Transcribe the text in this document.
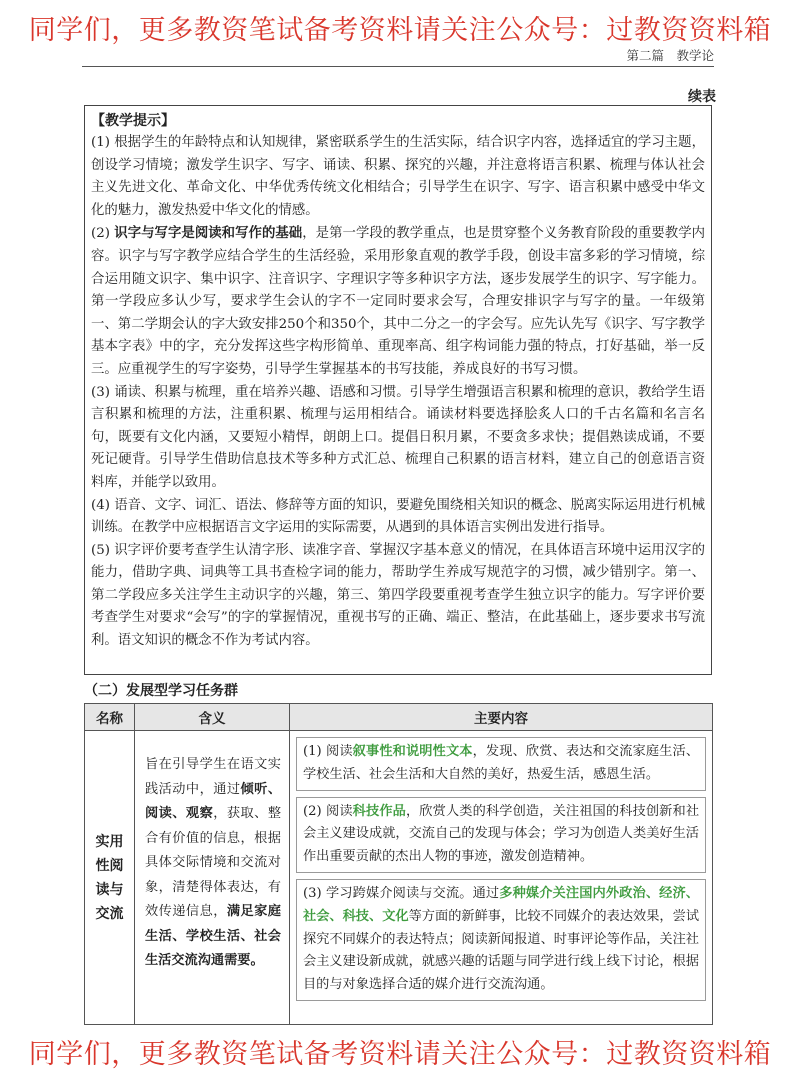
同学们，更多教资笔试备考资料请关注公众号：过教资资料箱
第二篇　教学论
续表
【教学提示】

(1) 根据学生的年龄特点和认知规律，紧密联系学生的生活实际，结合识字内容，选择适宜的学习主题，创设学习情境；激发学生识字、写字、诵读、积累、探究的兴趣，并注意将语言积累、梳理与体认社会主义先进文化、革命文化、中华优秀传统文化相结合；引导学生在识字、写字、语言积累中感受中华文化的魅力，激发热爱中华文化的情感。

(2) 识字与写字是阅读和写作的基础，是第一学段的教学重点，也是贯穿整个义务教育阶段的重要教学内容。识字与写字教学应结合学生的生活经验，采用形象直观的教学手段，创设丰富多彩的学习情境，综合运用随文识字、集中识字、注音识字、字理识字等多种识字方法，逐步发展学生的识字、写字能力。第一学段应多认少写，要求学生会认的字不一定同时要求会写，合理安排识字与写字的量。一年级第一、第二学期会认的字大致安排250个和350个，其中二分之一的字会写。应先认先写《识字、写字教学基本字表》中的字，充分发挥这些字构形简单、重现率高、组字构词能力强的特点，打好基础，举一反三。应重视学生的写字姿势，引导学生掌握基本的书写技能，养成良好的书写习惯。

(3) 诵读、积累与梳理，重在培养兴趣、语感和习惯。引导学生增强语言积累和梳理的意识，教给学生语言积累和梳理的方法，注重积累、梳理与运用相结合。诵读材料要选择脍炙人口的千古名篇和名言名句，既要有文化内涵，又要短小精悍，朗朗上口。提倡日积月累，不要贪多求快；提倡熟读成诵，不要死记硬背。引导学生借助信息技术等多种方式汇总、梳理自己积累的语言材料，建立自己的创意语言资料库，并能学以致用。

(4) 语音、文字、词汇、语法、修辞等方面的知识，要避免围绕相关知识的概念、脱离实际运用进行机械训练。在教学中应根据语言文字运用的实际需要，从遇到的具体语言实例出发进行指导。

(5) 识字评价要考查学生认清字形、读准字音、掌握汉字基本意义的情况，在具体语言环境中运用汉字的能力，借助字典、词典等工具书查检字词的能力，帮助学生养成写规范字的习惯，减少错别字。第一、第二学段应多关注学生主动识字的兴趣，第三、第四学段要重视考查学生独立识字的能力。写字评价要考查学生对要求“会写”的字的掌握情况，重视书写的正确、端正、整洁，在此基础上，逐步要求书写流利。语文知识的概念不作为考试内容。

（二）发展型学习任务群
名称	含义	主要内容
实用性阅读与交流	旨在引导学生在语文实践活动中，通过倾听、阅读、观察，获取、整合有价值的信息，根据具体交际情境和交流对象，清楚得体表达，有效传递信息，满足家庭生活、学校生活、社会生活交流沟通需要。	(1) 阅读叙事性和说明性文本，发现、欣赏、表达和交流家庭生活、学校生活、社会生活和大自然的美好，热爱生活，感恩生活。
(2) 阅读科技作品，欣赏人类的科学创造，关注祖国的科技创新和社会主义建设成就，交流自己的发现与体会；学习为创造人类美好生活作出重要贡献的杰出人物的事迹，激发创造精神。
(3) 学习跨媒介阅读与交流。通过多种媒介关注国内外政治、经济、社会、科技、文化等方面的新鲜事，比较不同媒介的表达效果，尝试探究不同媒介的表达特点；阅读新闻报道、时事评论等作品，关注社会主义建设新成就，就感兴趣的话题与同学进行线上线下讨论，根据目的与对象选择合适的媒介进行交流沟通。
同学们，更多教资笔试备考资料请关注公众号：过教资资料箱
